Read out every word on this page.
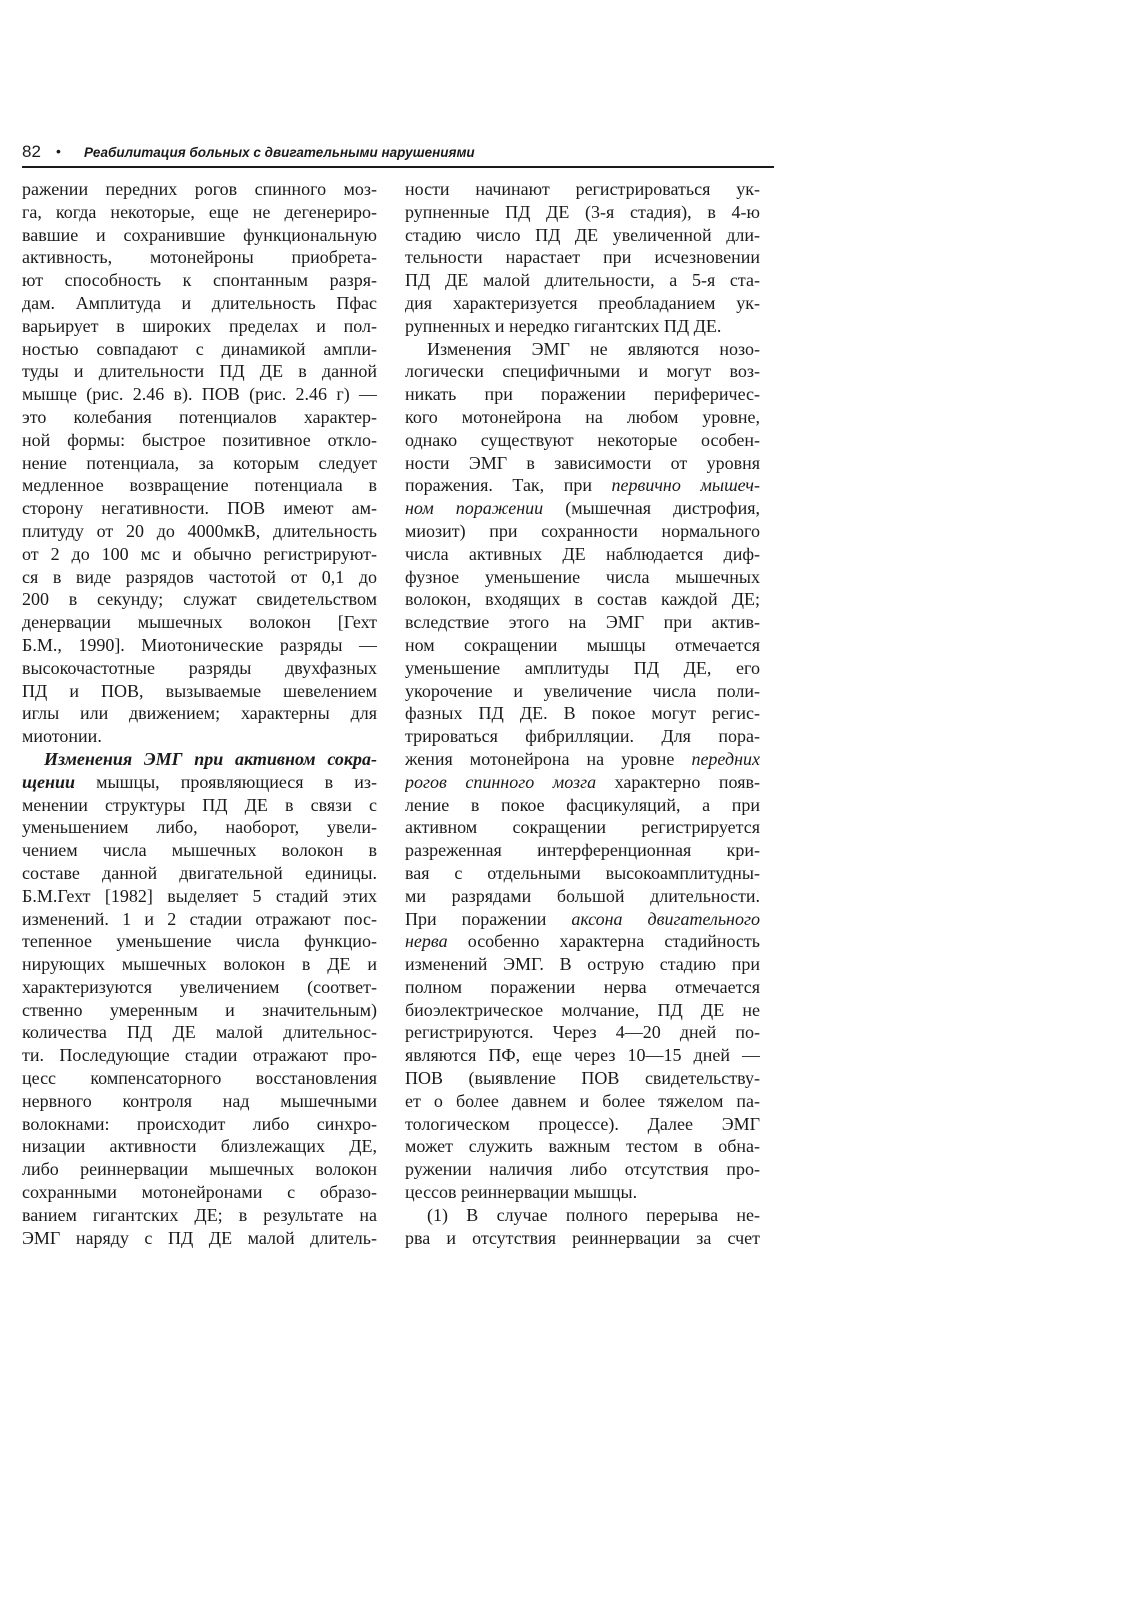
82 • Реабилитация больных с двигательными нарушениями
ражении передних рогов спинного моз-
га, когда некоторые, еще не дегенериро-
вавшие и сохранившие функциональную
активность, мотонейроны приобрета-
ют способность к спонтанным разря-
дам. Амплитуда и длительность Пфас
варьирует в широких пределах и пол-
ностью совпадают с динамикой ампли-
туды и длительности ПД ДЕ в данной
мышце (рис. 2.46 в). ПОВ (рис. 2.46 г) —
это колебания потенциалов характер-
ной формы: быстрое позитивное откло-
нение потенциала, за которым следует
медленное возвращение потенциала в
сторону негативности. ПОВ имеют ам-
плитуду от 20 до 4000мкВ, длительность
от 2 до 100 мс и обычно регистрируют-
ся в виде разрядов частотой от 0,1 до
200 в секунду; служат свидетельством
денервации мышечных волокон [Гехт
Б.М., 1990]. Миотонические разряды —
высокочастотные разряды двухфазных
ПД и ПОВ, вызываемые шевелением
иглы или движением; характерны для
миотонии.
Изменения ЭМГ при активном сокра-
щении мышцы, проявляющиеся в из-
менении структуры ПД ДЕ в связи с
уменьшением либо, наоборот, увели-
чением числа мышечных волокон в
составе данной двигательной единицы.
Б.М.Гехт [1982] выделяет 5 стадий этих
изменений. 1 и 2 стадии отражают пос-
тепенное уменьшение числа функцио-
нирующих мышечных волокон в ДЕ и
характеризуются увеличением (соответ-
ственно умеренным и значительным)
количества ПД ДЕ малой длительнос-
ти. Последующие стадии отражают про-
цесс компенсаторного восстановления
нервного контроля над мышечными
волокнами: происходит либо синхро-
низации активности близлежащих ДЕ,
либо реиннервации мышечных волокон
сохранными мотонейронами с образо-
ванием гигантских ДЕ; в результате на
ЭМГ наряду с ПД ДЕ малой длитель-
ности начинают регистрироваться ук-
рупненные ПД ДЕ (3-я стадия), в 4-ю
стадию число ПД ДЕ увеличенной дли-
тельности нарастает при исчезновении
ПД ДЕ малой длительности, а 5-я ста-
дия характеризуется преобладанием ук-
рупненных и нередко гигантских ПД ДЕ.
Изменения ЭМГ не являются нозо-
логически специфичными и могут воз-
никать при поражении периферичес-
кого мотонейрона на любом уровне,
однако существуют некоторые особен-
ности ЭМГ в зависимости от уровня
поражения. Так, при первично мышеч-
ном поражении (мышечная дистрофия,
миозит) при сохранности нормального
числа активных ДЕ наблюдается диф-
фузное уменьшение числа мышечных
волокон, входящих в состав каждой ДЕ;
вследствие этого на ЭМГ при актив-
ном сокращении мышцы отмечается
уменьшение амплитуды ПД ДЕ, его
укорочение и увеличение числа поли-
фазных ПД ДЕ. В покое могут регис-
трироваться фибрилляции. Для пора-
жения мотонейрона на уровне передних
рогов спинного мозга характерно появ-
ление в покое фасцикуляций, а при
активном сокращении регистрируется
разреженная интерференционная кри-
вая с отдельными высокоамплитудны-
ми разрядами большой длительности.
При поражении аксона двигательного
нерва особенно характерна стадийность
изменений ЭМГ. В острую стадию при
полном поражении нерва отмечается
биоэлектрическое молчание, ПД ДЕ не
регистрируются. Через 4—20 дней по-
являются ПФ, еще через 10—15 дней —
ПОВ (выявление ПОВ свидетельству-
ет о более давнем и более тяжелом па-
тологическом процессе). Далее ЭМГ
может служить важным тестом в обна-
ружении наличия либо отсутствия про-
цессов реиннервации мышцы.
(1) В случае полного перерыва не-
рва и отсутствия реиннервации за счет
